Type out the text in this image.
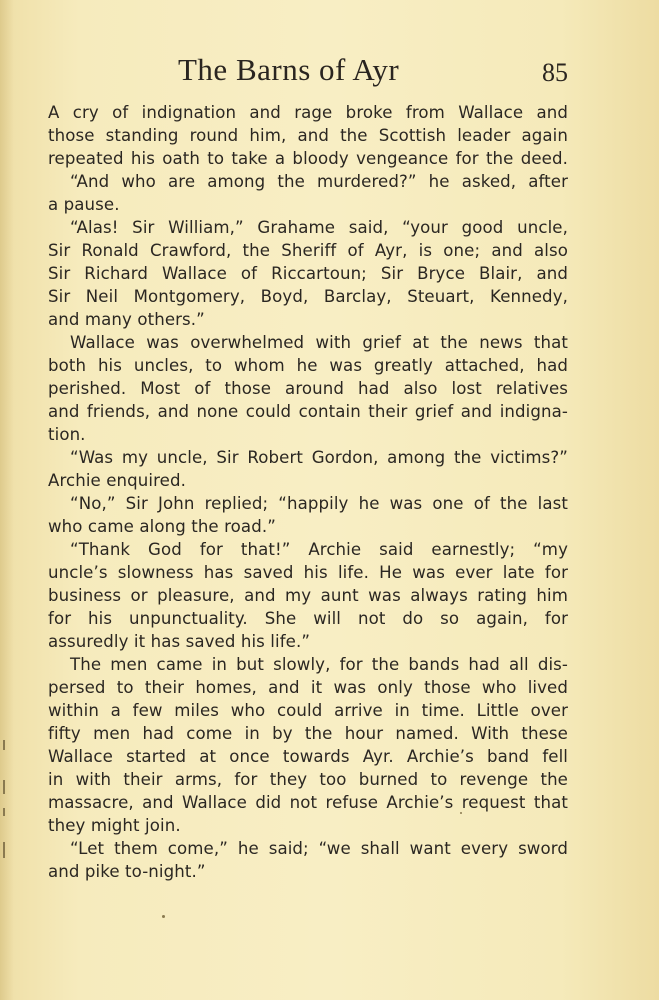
The Barns of Ayr	85
A cry of indignation and rage broke from Wallace and
those standing round him, and the Scottish leader again
repeated his oath to take a bloody vengeance for the deed.
“And who are among the murdered?” he asked, after
a pause.
“Alas! Sir William,” Grahame said, “your good uncle,
Sir Ronald Crawford, the Sheriff of Ayr, is one; and also
Sir Richard Wallace of Riccartoun; Sir Bryce Blair, and
Sir Neil Montgomery, Boyd, Barclay, Steuart, Kennedy,
and many others.”
Wallace was overwhelmed with grief at the news that
both his uncles, to whom he was greatly attached, had
perished. Most of those around had also lost relatives
and friends, and none could contain their grief and indigna-
tion.
“Was my uncle, Sir Robert Gordon, among the victims?”
Archie enquired.
“No,” Sir John replied; “happily he was one of the last
who came along the road.”
“Thank God for that!” Archie said earnestly; “my
uncle’s slowness has saved his life. He was ever late for
business or pleasure, and my aunt was always rating him
for his unpunctuality. She will not do so again, for
assuredly it has saved his life.”
The men came in but slowly, for the bands had all dis-
persed to their homes, and it was only those who lived
within a few miles who could arrive in time. Little over
fifty men had come in by the hour named. With these
Wallace started at once towards Ayr. Archie’s band fell
in with their arms, for they too burned to revenge the
massacre, and Wallace did not refuse Archie’s request that
they might join.
“Let them come,” he said; “we shall want every sword
and pike to-night.”
